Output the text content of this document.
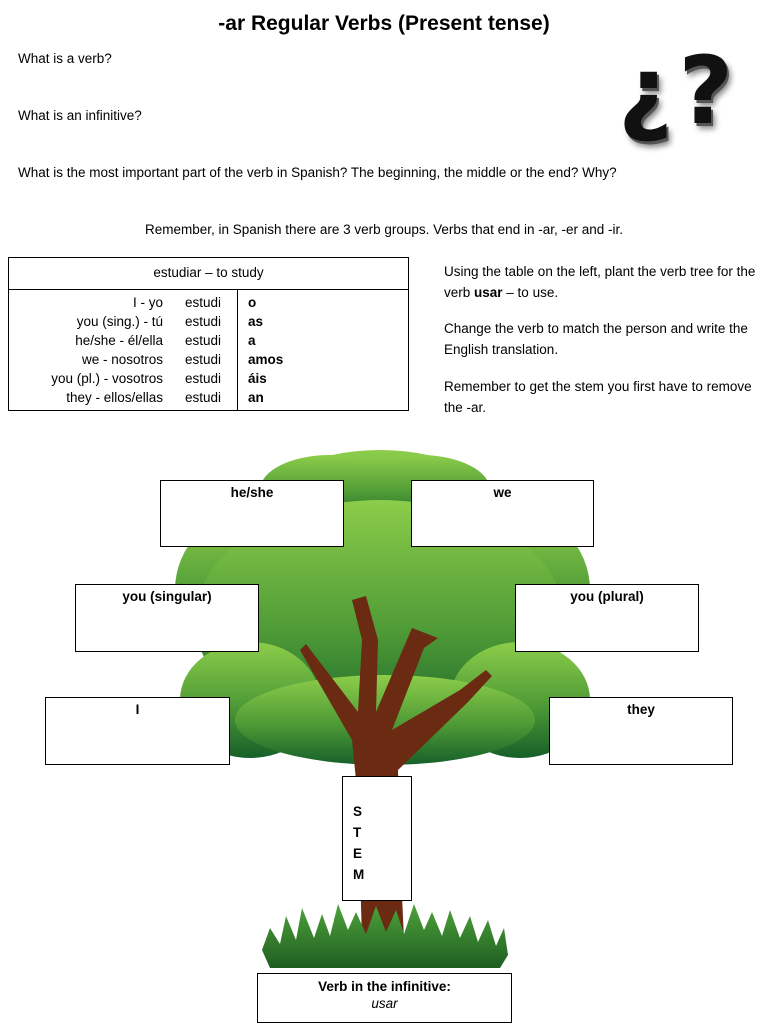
-ar Regular Verbs (Present tense)
What is a verb?
What is an infinitive?
What is the most important part of the verb in Spanish? The beginning, the middle or the end? Why?
¿?
Remember, in Spanish there are 3 verb groups. Verbs that end in -ar, -er and -ir.
estudiar – to study
I - yo estudi o
you (sing.) - tú estudi as
he/she - él/ella estudi a
we - nosotros estudi amos
you (pl.) - vosotros estudi áis
they - ellos/ellas estudi an
Using the table on the left, plant the verb tree for the verb usar – to use.
Change the verb to match the person and write the English translation.
Remember to get the stem you first have to remove the -ar.
he/she	we
you (singular)	you (plural)
I	they
S
T
E
M
Verb in the infinitive:
usar
